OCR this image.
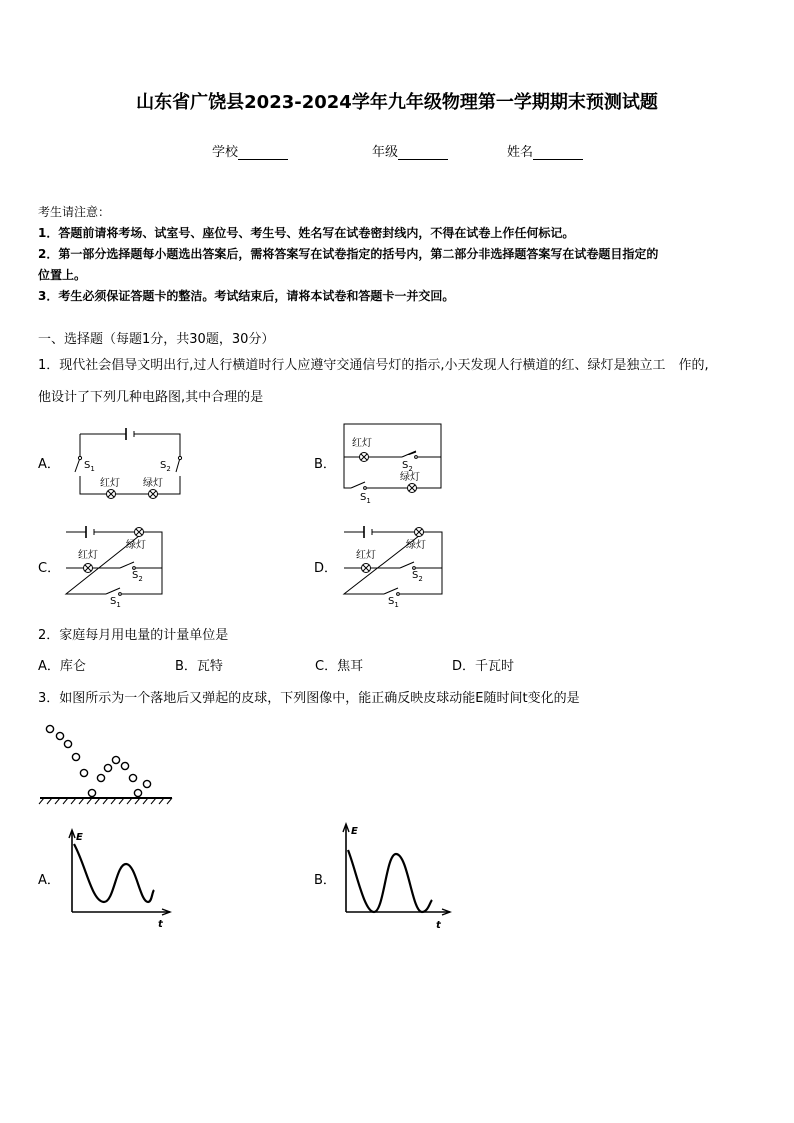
山东省广饶县2023-2024学年九年级物理第一学期期末预测试题
学校	年级	姓名

考生请注意：

1．答题前请将考场、试室号、座位号、考生号、姓名写在试卷密封线内，不得在试卷上作任何标记。

2．第一部分选择题每小题选出答案后，需将答案写在试卷指定的括号内，第二部分非选择题答案写在试卷题目指定的

位置上。

3．考生必须保证答题卡的整洁。考试结束后，请将本试卷和答题卡一并交回。

一、选择题（每题1分，共30题，30分）
1．现代社会倡导文明出行,过人行横道时行人应遵守交通信号灯的指示,小天发现人行横道的红、绿灯是独立工　作的,
他设计了下列几种电路图,其中合理的是
A．	B．
C．	D．
$S_1$	$S_2$
红灯 绿灯
红灯
$S_2$
绿灯
$S_1$
绿灯
红灯
$S_2$
$S_1$
绿灯
红灯
$S_2$
$S_1$
2．家庭每月用电量的计量单位是
A．库仑	B．瓦特	C．焦耳	D．千瓦时
3．如图所示为一个落地后又弹起的皮球，下列图像中，能正确反映皮球动能E随时间t变化的是
A．	B．
E
t
E
t
